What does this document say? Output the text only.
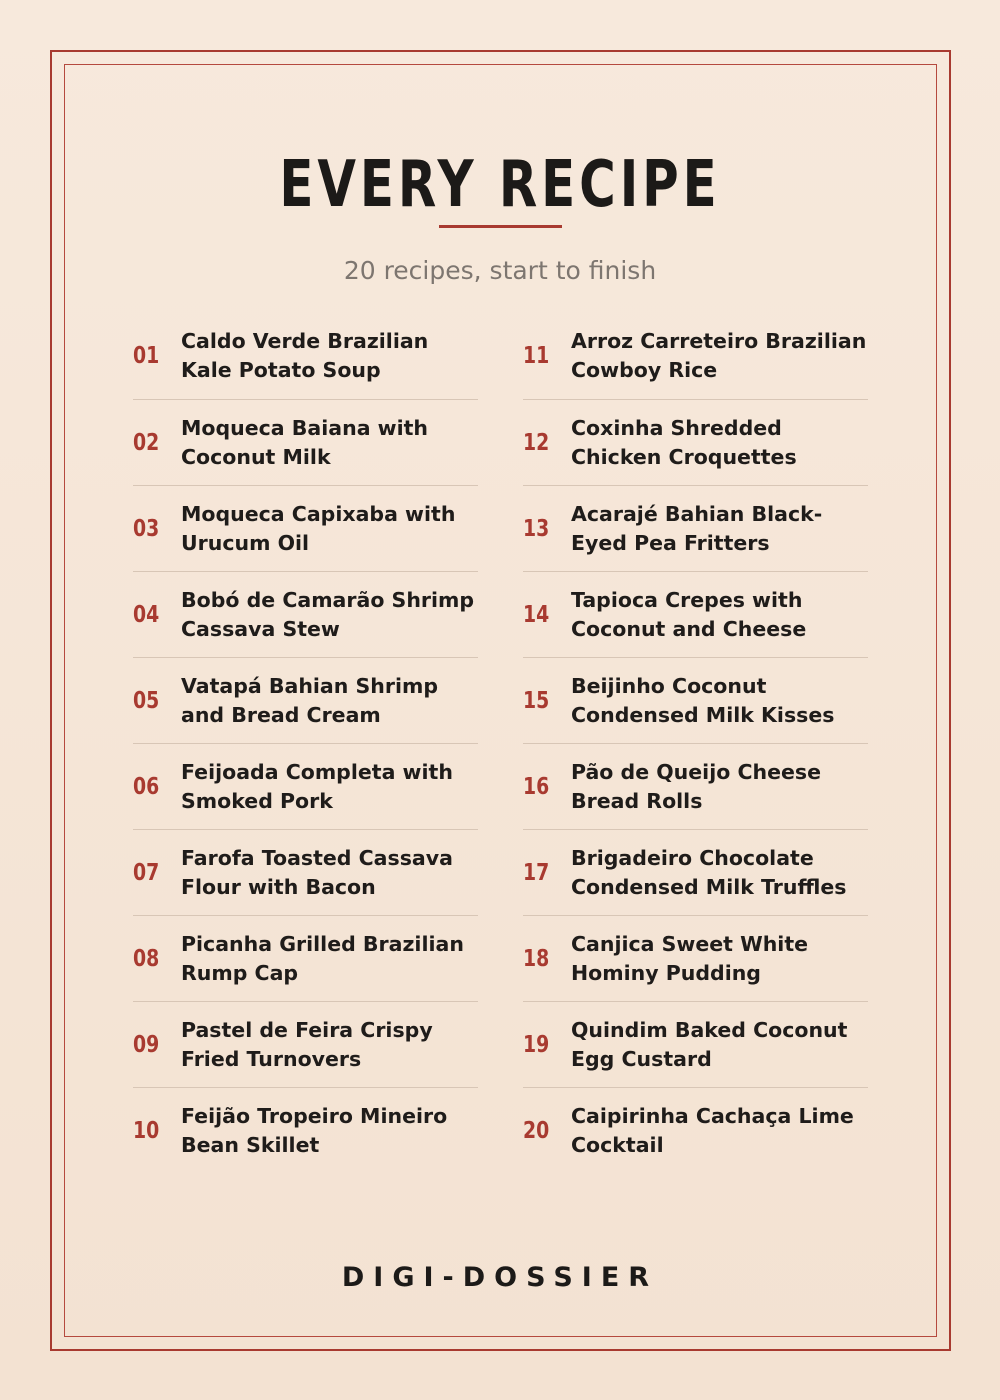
EVERY RECIPE
20 recipes, start to finish
01
Caldo Verde Brazilian Kale Potato Soup
02
Moqueca Baiana with Coconut Milk
03
Moqueca Capixaba with Urucum Oil
04
Bobó de Camarão Shrimp Cassava Stew
05
Vatapá Bahian Shrimp and Bread Cream
06
Feijoada Completa with Smoked Pork
07
Farofa Toasted Cassava Flour with Bacon
08
Picanha Grilled Brazilian Rump Cap
09
Pastel de Feira Crispy Fried Turnovers
10
Feijão Tropeiro Mineiro Bean Skillet
11
Arroz Carreteiro Brazilian Cowboy Rice
12
Coxinha Shredded Chicken Croquettes
13
Acarajé Bahian Black-Eyed Pea Fritters
14
Tapioca Crepes with Coconut and Cheese
15
Beijinho Coconut Condensed Milk Kisses
16
Pão de Queijo Cheese Bread Rolls
17
Brigadeiro Chocolate Condensed Milk Truffles
18
Canjica Sweet White Hominy Pudding
19
Quindim Baked Coconut Egg Custard
20
Caipirinha Cachaça Lime Cocktail
DIGI-DOSSIER
